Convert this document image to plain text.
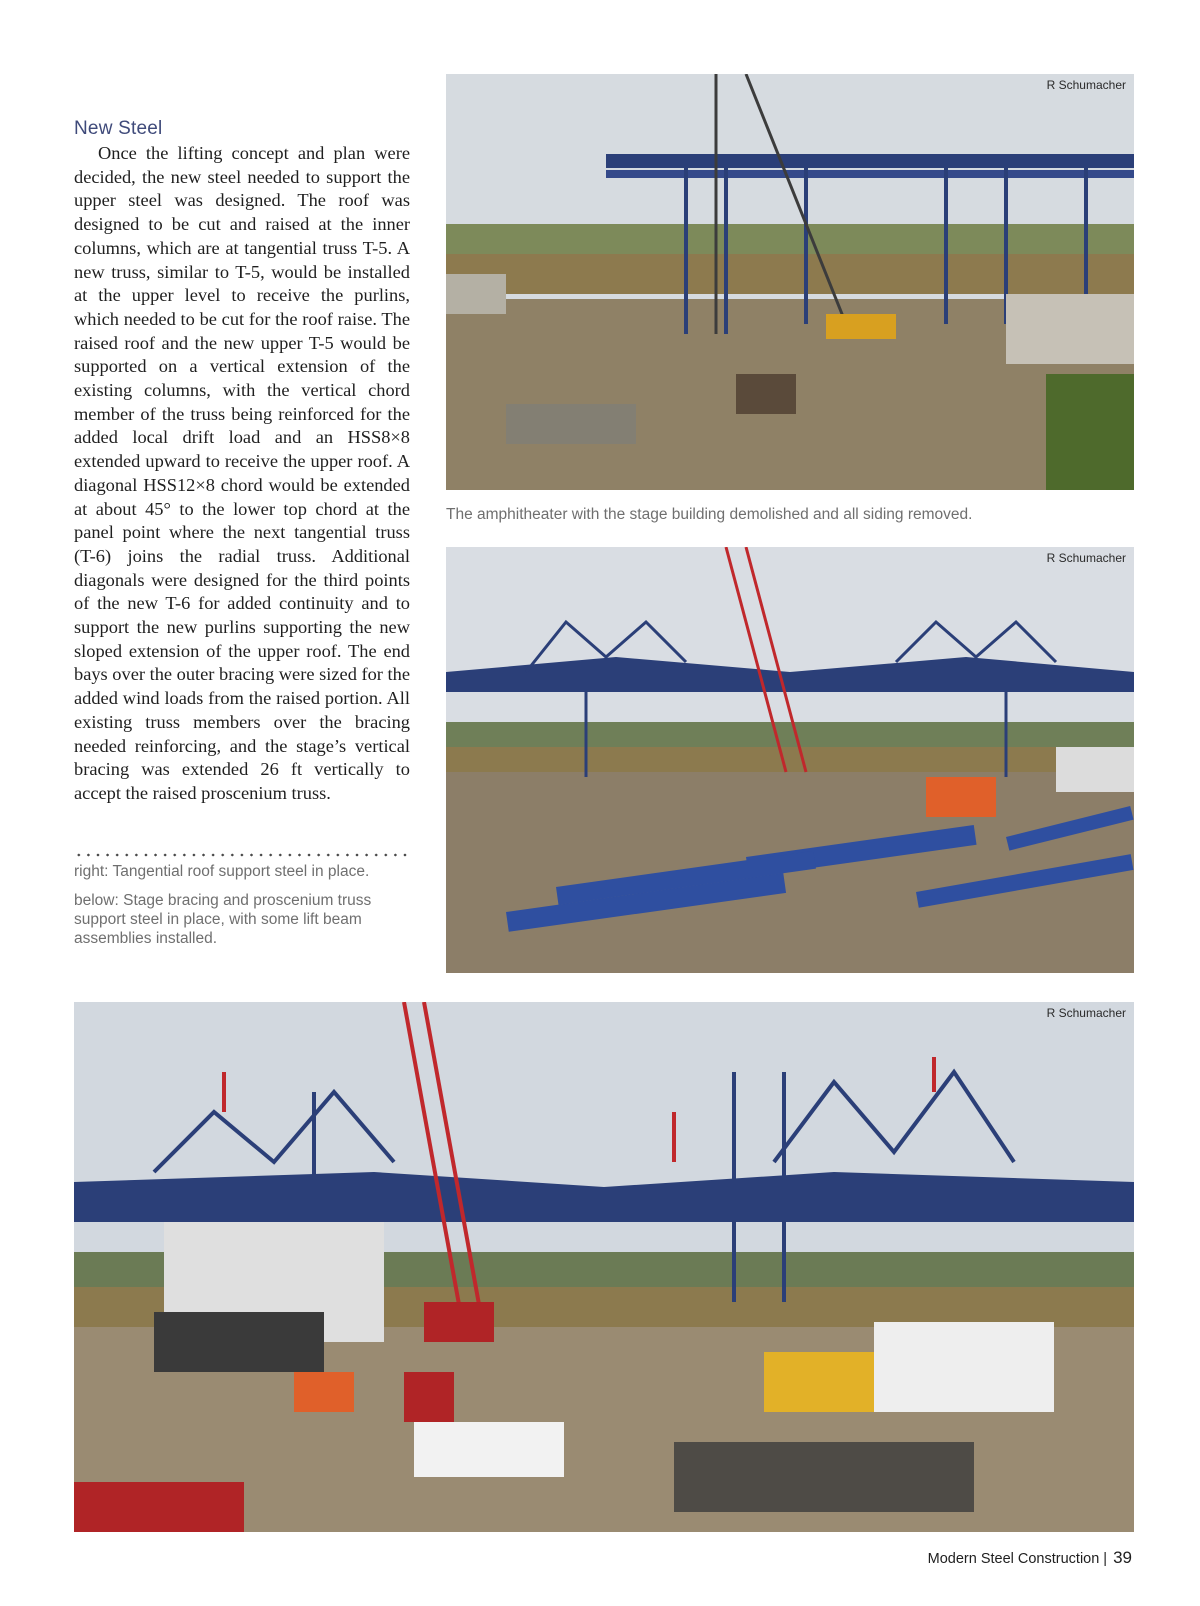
New Steel

Once the lifting concept and plan were decided, the new steel needed to support the upper steel was designed. The roof was designed to be cut and raised at the inner columns, which are at tangential truss T-5. A new truss, similar to T-5, would be installed at the upper level to receive the purlins, which needed to be cut for the roof raise. The raised roof and the new upper T-5 would be supported on a vertical extension of the existing columns, with the vertical chord member of the truss being reinforced for the added local drift load and an HSS8×8 extended upward to receive the upper roof. A diagonal HSS12×8 chord would be extended at about 45° to the lower top chord at the panel point where the next tangential truss (T-6) joins the radial truss. Additional diagonals were designed for the third points of the new T-6 for added continuity and to support the new purlins supporting the new sloped extension of the upper roof. The end bays over the outer bracing were sized for the added wind loads from the raised portion. All existing truss members over the bracing needed reinforcing, and the stage’s vertical bracing was extended 26 ft vertically to accept the raised proscenium truss.

right: Tangential roof support steel in place.
below: Stage bracing and proscenium truss support steel in place, with some lift beam assemblies installed.
R Schumacher
The amphitheater with the stage building demolished and all siding removed.
R Schumacher
R Schumacher
Modern Steel Construction | 39
